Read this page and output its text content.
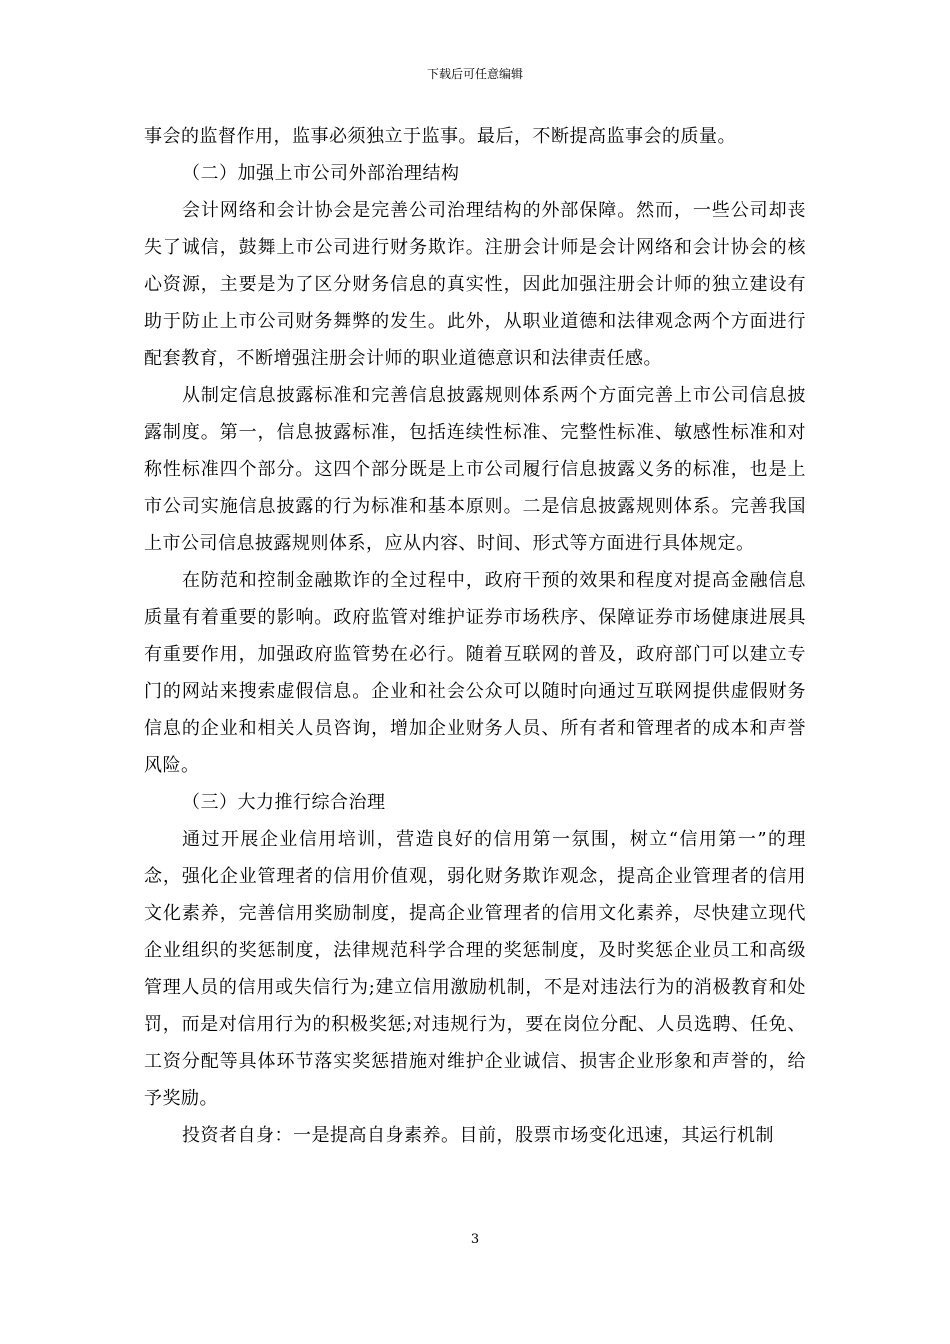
下载后可任意编辑

事会的监督作用，监事必须独立于监事。最后，不断提高监事会的质量。

（二）加强上市公司外部治理结构

会计网络和会计协会是完善公司治理结构的外部保障。然而，一些公司却丧失了诚信，鼓舞上市公司进行财务欺诈。注册会计师是会计网络和会计协会的核心资源，主要是为了区分财务信息的真实性，因此加强注册会计师的独立建设有助于防止上市公司财务舞弊的发生。此外，从职业道德和法律观念两个方面进行配套教育，不断增强注册会计师的职业道德意识和法律责任感。

从制定信息披露标准和完善信息披露规则体系两个方面完善上市公司信息披露制度。第一，信息披露标准，包括连续性标准、完整性标准、敏感性标准和对称性标准四个部分。这四个部分既是上市公司履行信息披露义务的标准，也是上市公司实施信息披露的行为标准和基本原则。二是信息披露规则体系。完善我国上市公司信息披露规则体系，应从内容、时间、形式等方面进行具体规定。

在防范和控制金融欺诈的全过程中，政府干预的效果和程度对提高金融信息质量有着重要的影响。政府监管对维护证券市场秩序、保障证券市场健康进展具有重要作用，加强政府监管势在必行。随着互联网的普及，政府部门可以建立专门的网站来搜索虚假信息。企业和社会公众可以随时向通过互联网提供虚假财务信息的企业和相关人员咨询，增加企业财务人员、所有者和管理者的成本和声誉风险。

（三）大力推行综合治理

通过开展企业信用培训，营造良好的信用第一氛围，树立“信用第一”的理念，强化企业管理者的信用价值观，弱化财务欺诈观念，提高企业管理者的信用文化素养，完善信用奖励制度，提高企业管理者的信用文化素养，尽快建立现代企业组织的奖惩制度，法律规范科学合理的奖惩制度，及时奖惩企业员工和高级管理人员的信用或失信行为;建立信用激励机制，不是对违法行为的消极教育和处罚，而是对信用行为的积极奖惩;对违规行为，要在岗位分配、人员选聘、任免、工资分配等具体环节落实奖惩措施对维护企业诚信、损害企业形象和声誉的，给予奖励。

投资者自身：一是提高自身素养。目前，股票市场变化迅速，其运行机制

3
